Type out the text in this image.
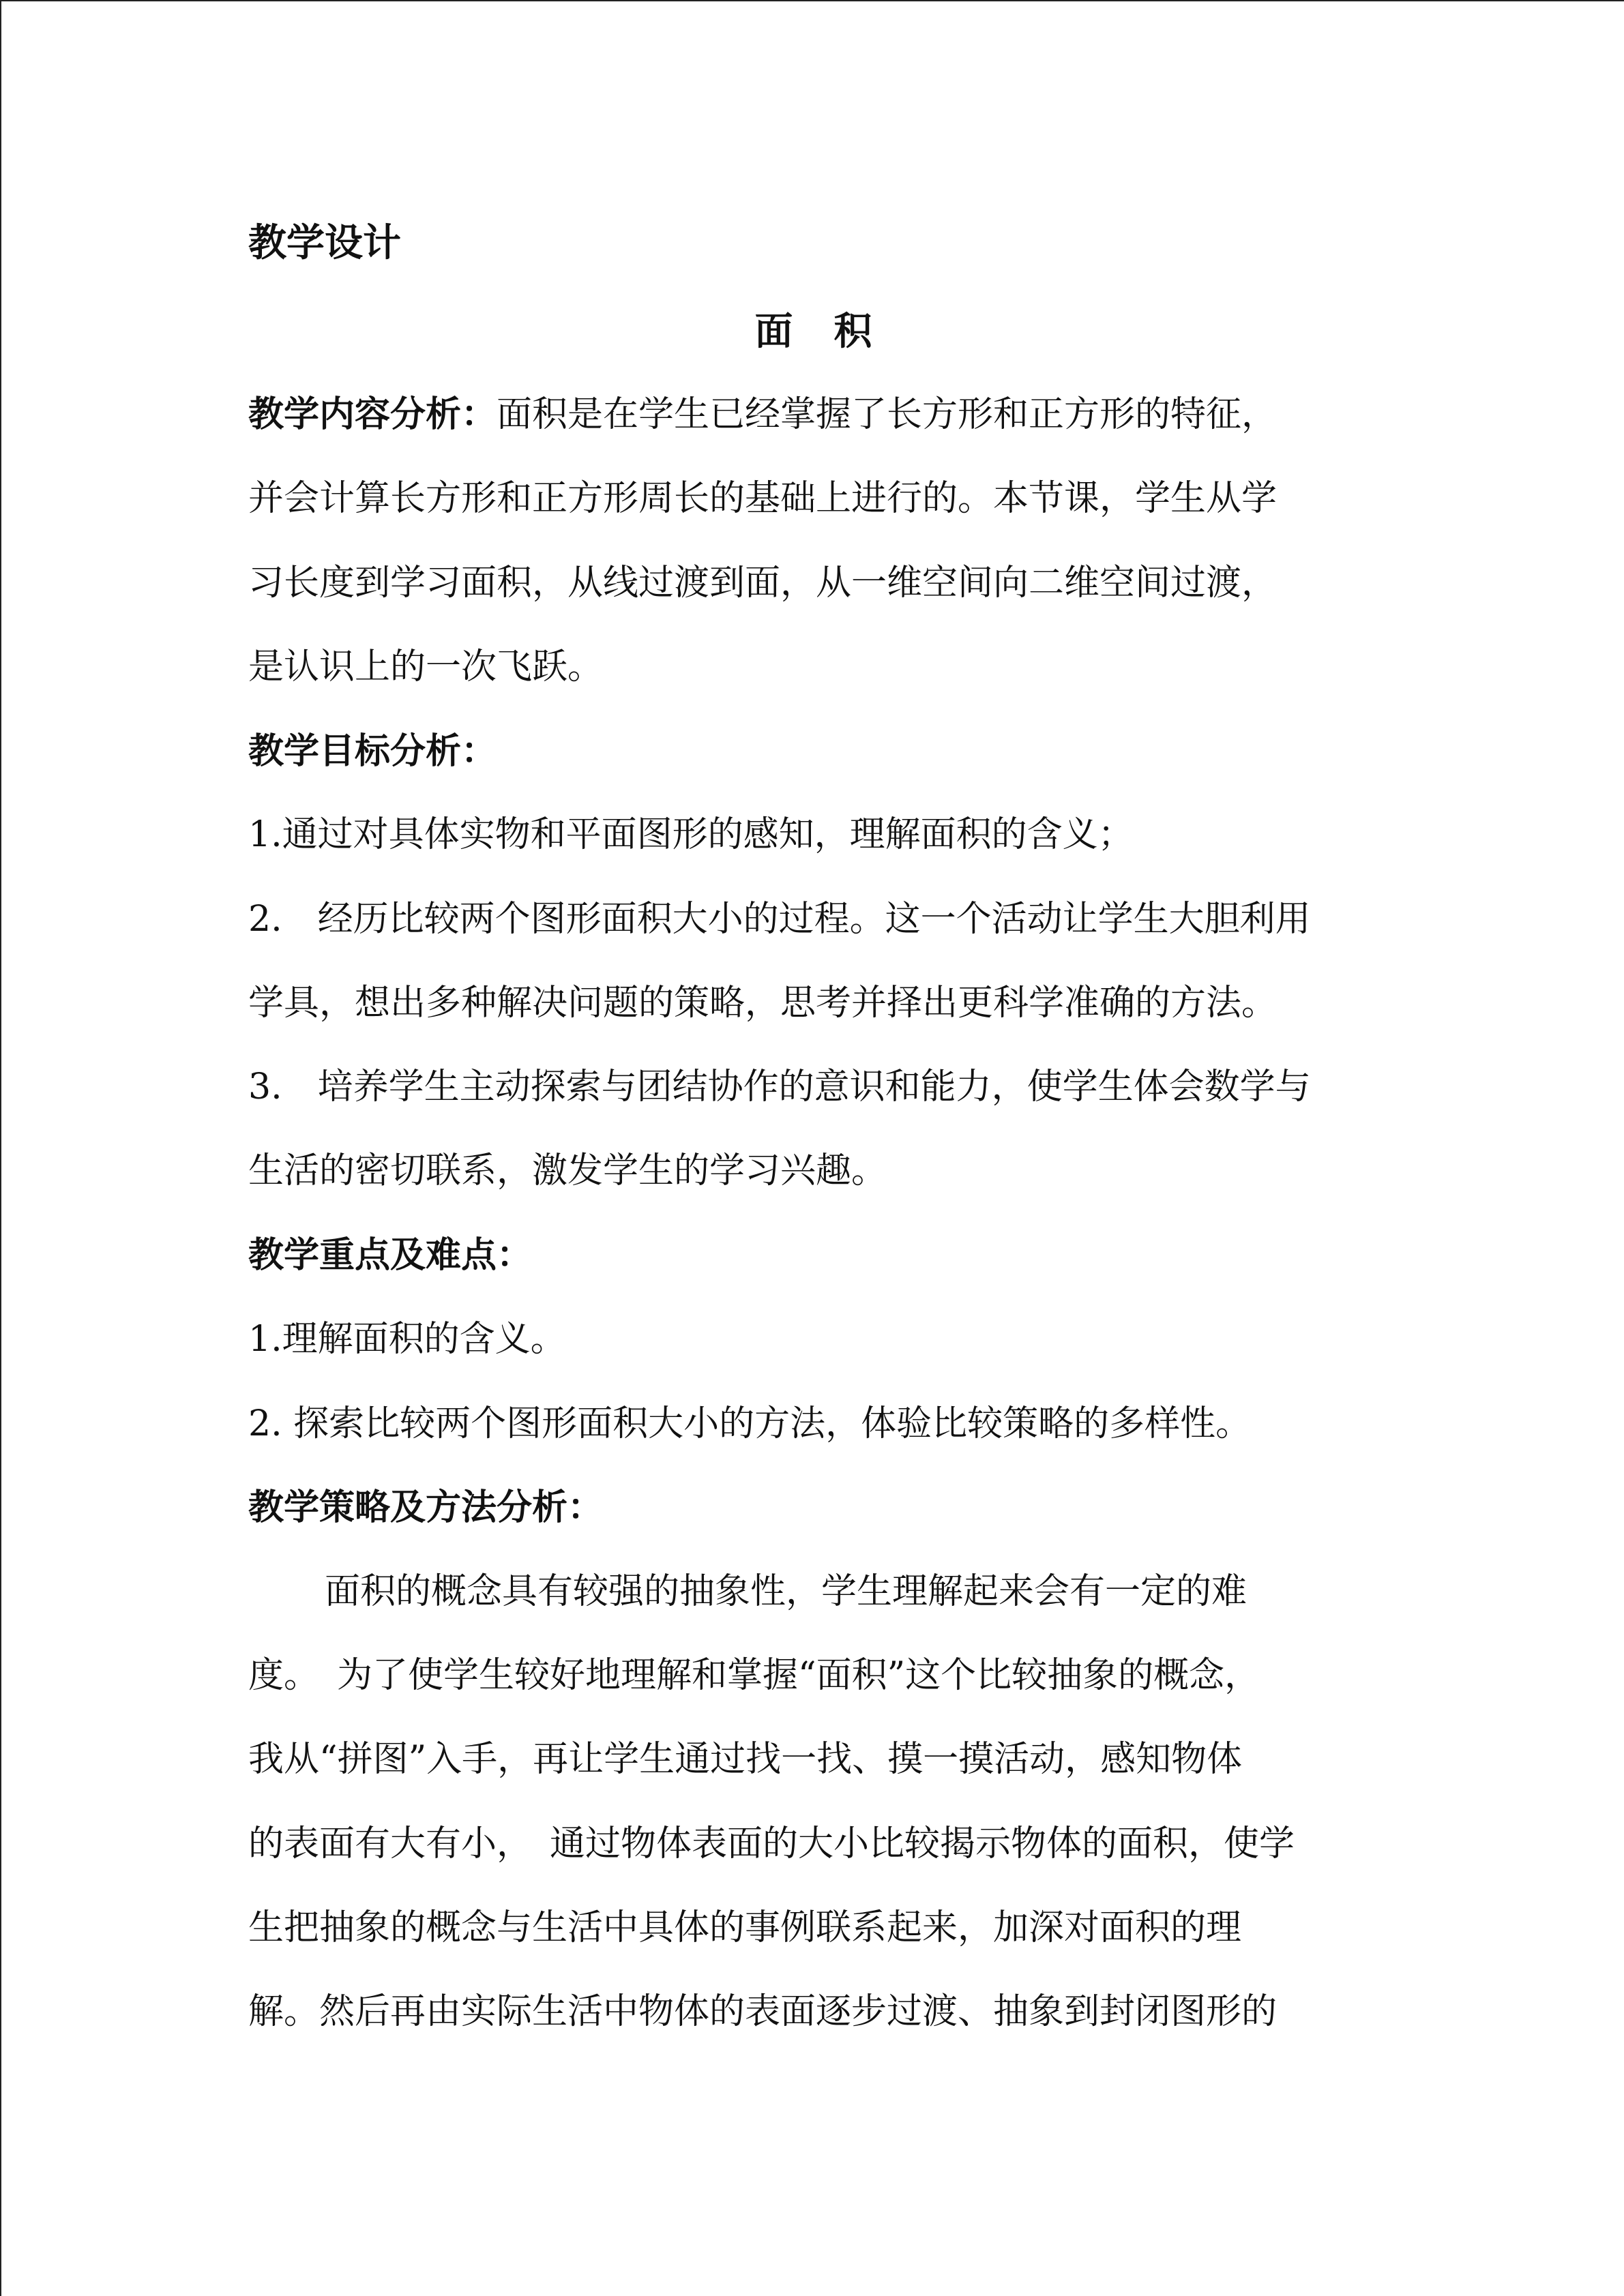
教学设计
面积

教学内容分析：面积是在学生已经掌握了长方形和正方形的特征，

并会计算长方形和正方形周长的基础上进行的。本节课，学生从学

习长度到学习面积，从线过渡到面，从一维空间向二维空间过渡，

是认识上的一次飞跃。

教学目标分析：

1.通过对具体实物和平面图形的感知，理解面积的含义；

2.　经历比较两个图形面积大小的过程。这一个活动让学生大胆利用

学具，想出多种解决问题的策略，思考并择出更科学准确的方法。

3.　培养学生主动探索与团结协作的意识和能力，使学生体会数学与

生活的密切联系，激发学生的学习兴趣。

教学重点及难点：

1.理解面积的含义。

2. 探索比较两个图形面积大小的方法，体验比较策略的多样性。

教学策略及方法分析：

面积的概念具有较强的抽象性，学生理解起来会有一定的难

度。　为了使学生较好地理解和掌握“面积”这个比较抽象的概念，

我从“拼图”入手，再让学生通过找一找、摸一摸活动，感知物体

的表面有大有小，　通过物体表面的大小比较揭示物体的面积，使学

生把抽象的概念与生活中具体的事例联系起来，加深对面积的理

解。然后再由实际生活中物体的表面逐步过渡、抽象到封闭图形的
